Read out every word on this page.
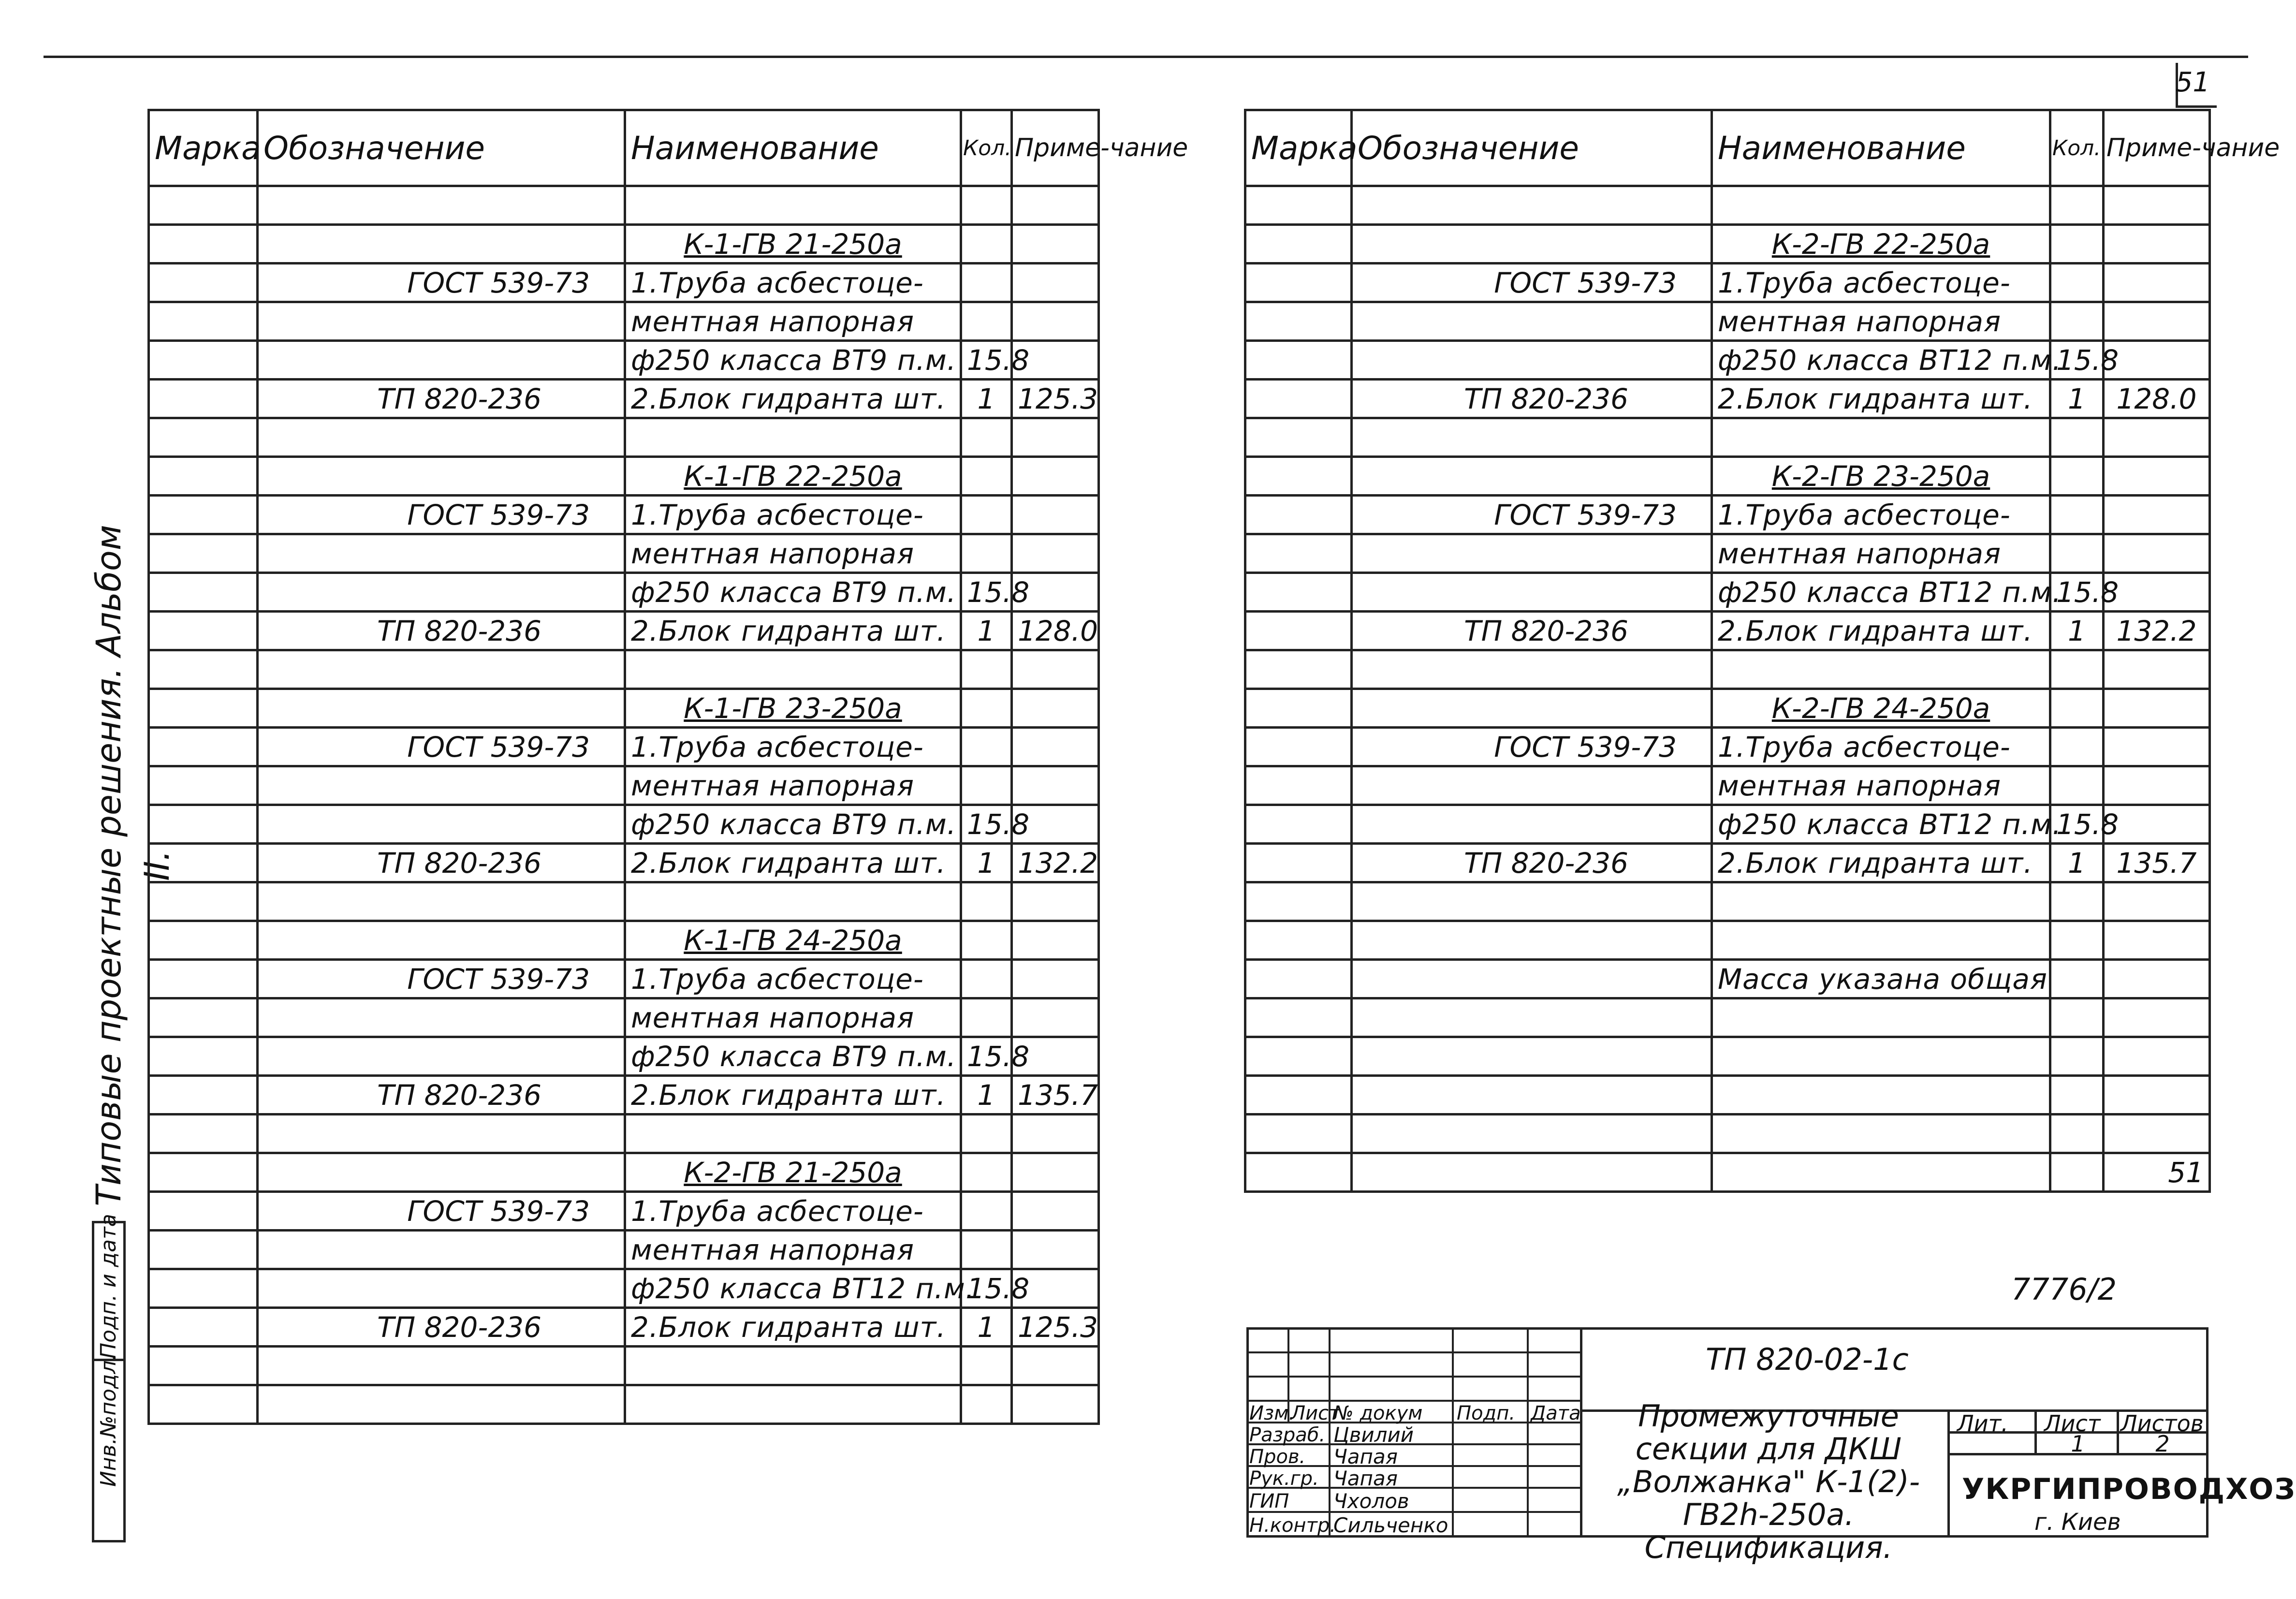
51
Типовые проектные решения. Альбом II.
Инв.№подл.
Подп. и дата
Марка	Обозначение	Наименование	Кол.	Приме-чание

		К-1-ГВ 21-250а		
	ГОСТ 539-73	1.Труба асбестоце-		
		ментная напорная		
		ф250 класса ВТ9 п.м.	15.8	
	ТП 820-236	2.Блок гидранта шт.	1	125.3

		К-1-ГВ 22-250а		
	ГОСТ 539-73	1.Труба асбестоце-		
		ментная напорная		
		ф250 класса ВТ9 п.м.	15.8	
	ТП 820-236	2.Блок гидранта шт.	1	128.0

		К-1-ГВ 23-250а		
	ГОСТ 539-73	1.Труба асбестоце-		
		ментная напорная		
		ф250 класса ВТ9 п.м.	15.8	
	ТП 820-236	2.Блок гидранта шт.	1	132.2

		К-1-ГВ 24-250а		
	ГОСТ 539-73	1.Труба асбестоце-		
		ментная напорная		
		ф250 класса ВТ9 п.м.	15.8	
	ТП 820-236	2.Блок гидранта шт.	1	135.7

		К-2-ГВ 21-250а		
	ГОСТ 539-73	1.Труба асбестоце-		
		ментная напорная		
		ф250 класса ВТ12 п.м.	15.8	
	ТП 820-236	2.Блок гидранта шт.	1	125.3

Марка	Обозначение	Наименование	Кол.	Приме-чание

		К-2-ГВ 22-250а		
	ГОСТ 539-73	1.Труба асбестоце-		
		ментная напорная		
		ф250 класса ВТ12 п.м.	15.8	
	ТП 820-236	2.Блок гидранта шт.	1	128.0

		К-2-ГВ 23-250а		
	ГОСТ 539-73	1.Труба асбестоце-		
		ментная напорная		
		ф250 класса ВТ12 п.м.	15.8	
	ТП 820-236	2.Блок гидранта шт.	1	132.2

		К-2-ГВ 24-250а		
	ГОСТ 539-73	1.Труба асбестоце-		
		ментная напорная		
		ф250 класса ВТ12 п.м.	15.8	
	ТП 820-236	2.Блок гидранта шт.	1	135.7

		Масса указана общая		

				51
7776/2
Изм.
Лист
№ докум Подп. Дата
Разраб. Цвилий
Пров. Чапая
Рук.гр. Чапая
ГИП Чхолов
Н.контр.
Сильченко
ТП 820-02-1с
Промежуточные секции для ДКШ „Волжанка" К-1(2)-ГВ2h-250а. Спецификация.
Лит. Лист Листов
1	2
УКРГИПРОВОДХОЗ
г. Киев
